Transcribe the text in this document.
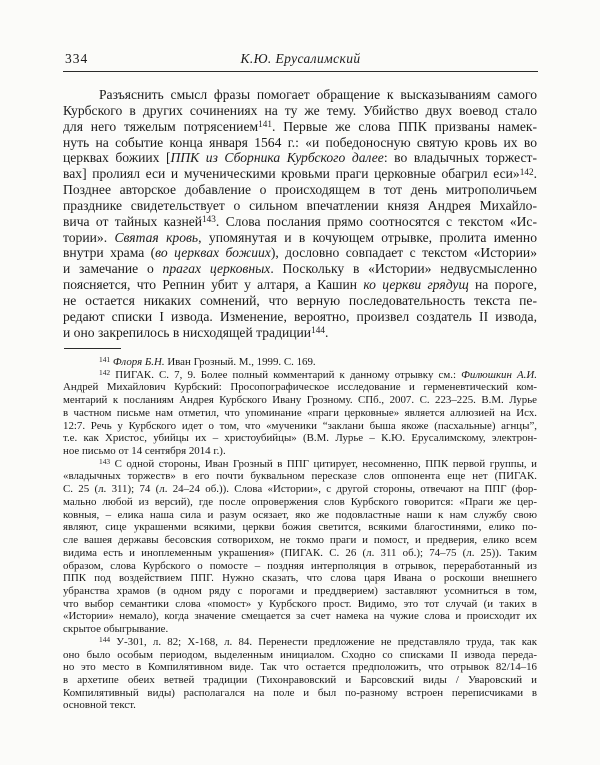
334	К.Ю. Ерусалимский
Разъяснить смысл фразы помогает обращение к высказываниям самого
Курбского в других сочинениях на ту же тему. Убийство двух воевод стало
для него тяжелым потрясением$^{141}$. Первые же слова ППК призваны намек-
нуть на событие конца января 1564 г.: «и победоносную святую кровь их во
церквах божиих [ППК из Сборника Курбского далее: во владычных торжест-
вах] пролиял еси и мученическими кровьми праги церковные обагрил еси»$^{142}$.
Позднее авторское добавление о происходящем в тот день митрополичьем
празднике свидетельствует о сильном впечатлении князя Андрея Михайло-
вича от тайных казней$^{143}$. Слова послания прямо соотносятся с текстом «Ис-
тории». Святая кровь, упомянутая и в кочующем отрывке, пролита именно
внутри храма (во церквах божиих), дословно совпадает с текстом «Истории»
и замечание о прагах церковных. Поскольку в «Истории» недвусмысленно
поясняется, что Репнин убит у алтаря, а Кашин ко церкви грядущ на пороге,
не остается никаких сомнений, что верную последовательность текста пе-
редают списки I извода. Изменение, вероятно, произвел создатель II извода,
и оно закрепилось в нисходящей традиции$^{144}$.
$^{141}$ Флоря Б.Н. Иван Грозный. М., 1999. С. 169.
$^{142}$ ПИГАК. С. 7, 9. Более полный комментарий к данному отрывку см.: Филюшкин А.И.
Андрей Михайлович Курбский: Просопографическое исследование и герменевтический ком-
ментарий к посланиям Андрея Курбского Ивану Грозному. СПб., 2007. С. 223–225. В.М. Лурье
в частном письме нам отметил, что упоминание «праги церковные» является аллюзией на Исх.
12:7. Речь у Курбского идет о том, что «мученики “заклани быша якоже (пасхальные) агнцы”,
т.е. как Христос, убийцы их – христоубийцы» (В.М. Лурье – К.Ю. Ерусалимскому, электрон-
ное письмо от 14 сентября 2014 г.).
$^{143}$ С одной стороны, Иван Грозный в ППГ цитирует, несомненно, ППК первой группы, и
«владычных торжеств» в его почти буквальном пересказе слов оппонента еще нет (ПИГАК.
С. 25 (л. 311); 74 (л. 24–24 об.)). Слова «Истории», с другой стороны, отвечают на ППГ (фор-
мально любой из версий), где после опровержения слов Курбского говорится: «Праги же цер-
ковныя, – елика наша сила и разум осязает, яко же подовластные наши к нам службу свою
являют, сице украшенми всякими, церкви божия светится, всякими благостинями, елико по-
сле вашея державы бесовския сотворихом, не токмо праги и помост, и предверия, елико всем
видима есть и иноплеменным украшения» (ПИГАК. С. 26 (л. 311 об.); 74–75 (л. 25)). Таким
образом, слова Курбского о помосте – поздняя интерполяция в отрывок, переработанный из
ППК под воздействием ППГ. Нужно сказать, что слова царя Ивана о роскоши внешнего
убранства храмов (в одном ряду с порогами и преддверием) заставляют усомниться в том,
что выбор семантики слова «помост» у Курбского прост. Видимо, это тот случай (и таких в
«Истории» немало), когда значение смещается за счет намека на чужие слова и происходит их
скрытое обыгрывание.
$^{144}$ У-301, л. 82; Х-168, л. 84. Перенести предложение не представляло труда, так как
оно было особым периодом, выделенным инициалом. Сходно со списками II извода переда-
но это место в Компилятивном виде. Так что остается предположить, что отрывок 82/14–16
в архетипе обеих ветвей традиции (Тихонравовский и Барсовский виды / Уваровский и
Компилятивный виды) располагался на поле и был по-разному встроен переписчиками в
основной текст.
